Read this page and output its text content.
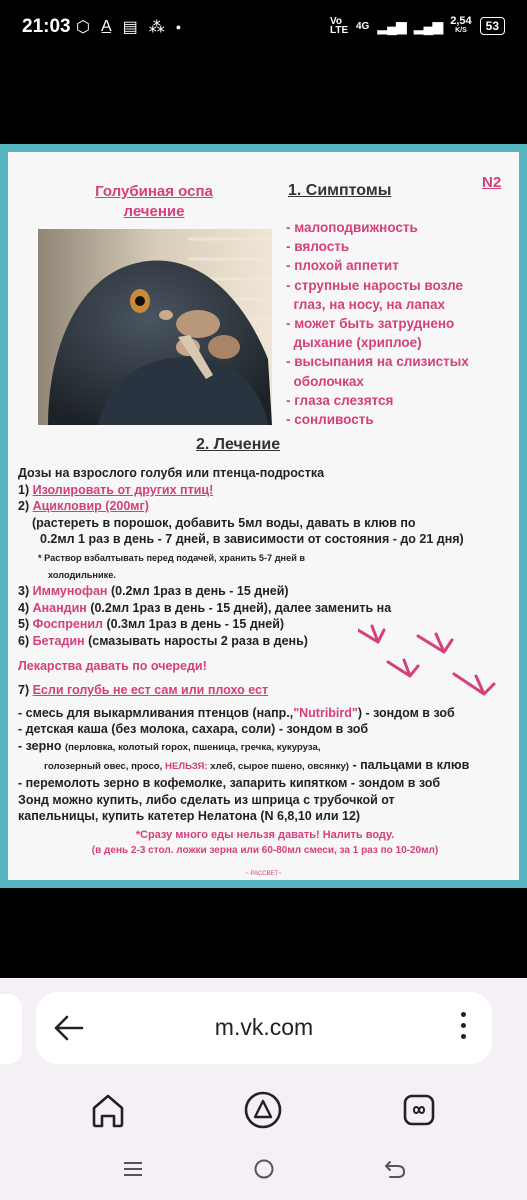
21:03 ⬡ A̲ ▤ ⁂ ●	Vo LTE 4G ▂▄▆ ▂▄▆ 2,54
K/S	53
Голубиная оспа
лечение
N2
1. Симптомы
- малоподвижность
- вялость
- плохой аппетит
- струпные наросты возле
глаз, на носу, на лапах
- может быть затруднено
дыхание (хриплое)
- высыпания на слизистых
оболочках
- глаза слезятся
- сонливость
2. Лечение
Дозы на взрослого голубя или птенца-подростка
1) Изолировать от других птиц!
2) Ацикловир (200мг)
(растереть в порошок, добавить 5мл воды, давать в клюв по
0.2мл 1 раз в день - 7 дней, в зависимости от состояния - до 21 дня)
* Раствор взбалтывать перед подачей, хранить 5-7 дней в
холодильнике.
3) Иммунофан (0.2мл 1раз в день - 15 дней)
4) Анандин (0.2мл 1раз в день - 15 дней), далее заменить на
5) Фоспренил (0.3мл 1раз в день - 15 дней)
6) Бетадин (смазывать наросты 2 раза в день)
Лекарства давать по очереди!
7) Если голубь не ест сам или плохо ест
- смесь для выкармливания птенцов (напр.,"Nutribird") - зондом в зоб
- детская каша (без молока, сахара, соли) - зондом в зоб
- зерно (перловка, колотый горох, пшеница, гречка, кукуруза,
голозерный овес, просо, НЕЛЬЗЯ: хлеб, сырое пшено, овсянку) - пальцами в клюв
- перемолоть зерно в кофемолке, запарить кипятком - зондом в зоб
Зонд можно купить, либо сделать из шприца с трубочкой от
капельницы, купить катетер Нелатона (N 6,8,10 или 12)
*Сразу много еды нельзя давать! Налить воду.
(в день 2-3 стол. ложки зерна или 60-80мл смеси, за 1 раз по 10-20мл)
~ РАССВЕТ~
m.vk.com
